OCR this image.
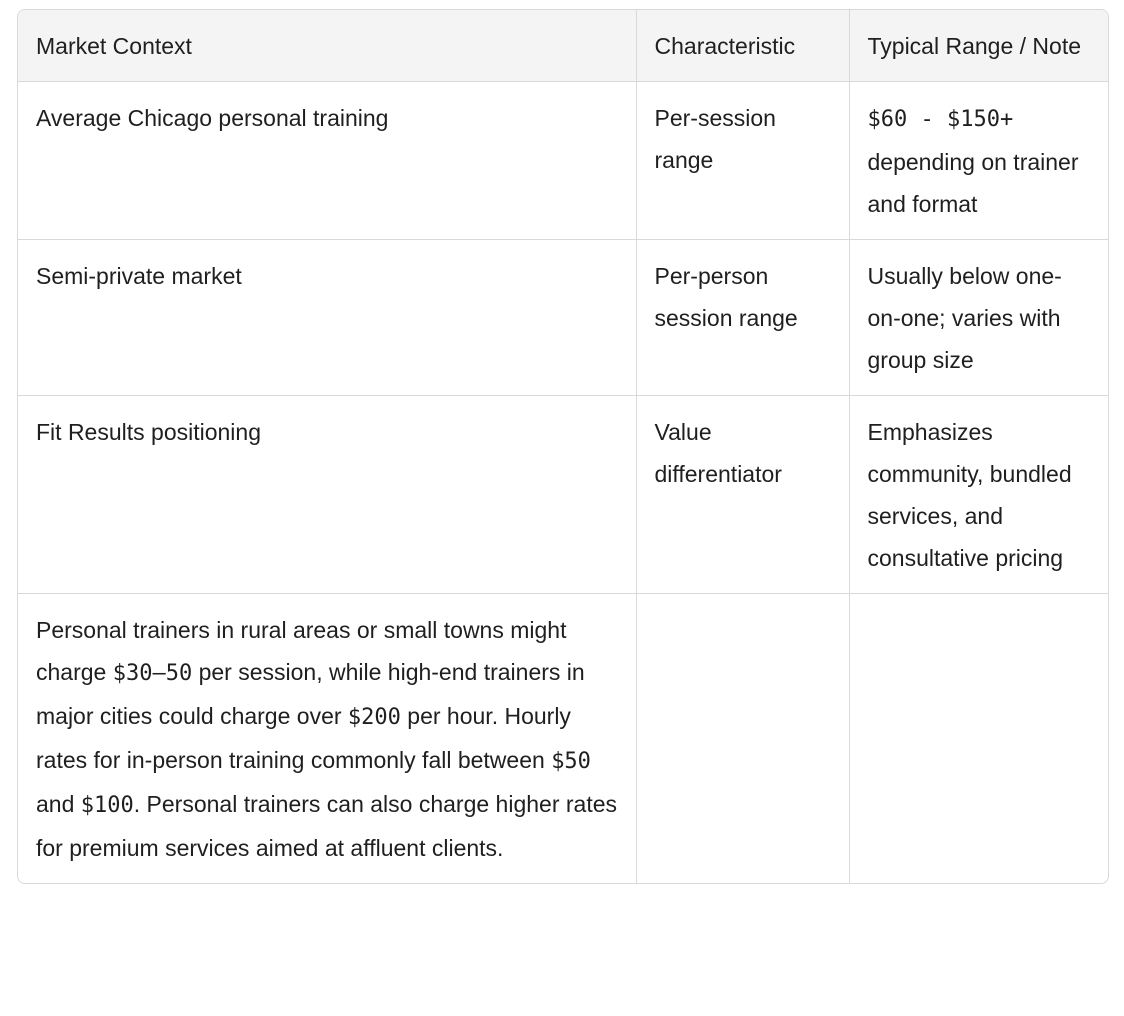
Market Context	Characteristic	Typical Range / Note
Average Chicago personal training	Per-session range	$60 - $150+ depending on trainer and format
Semi-private market	Per-person session range	Usually below one-on-one; varies with group size
Fit Results positioning	Value differentiator	Emphasizes community, bundled services, and consultative pricing
Personal trainers in rural areas or small towns might charge $30–50 per session, while high-end trainers in major cities could charge over $200 per hour. Hourly rates for in-person training commonly fall between $50 and $100. Personal trainers can also charge higher rates for premium services aimed at affluent clients.		
